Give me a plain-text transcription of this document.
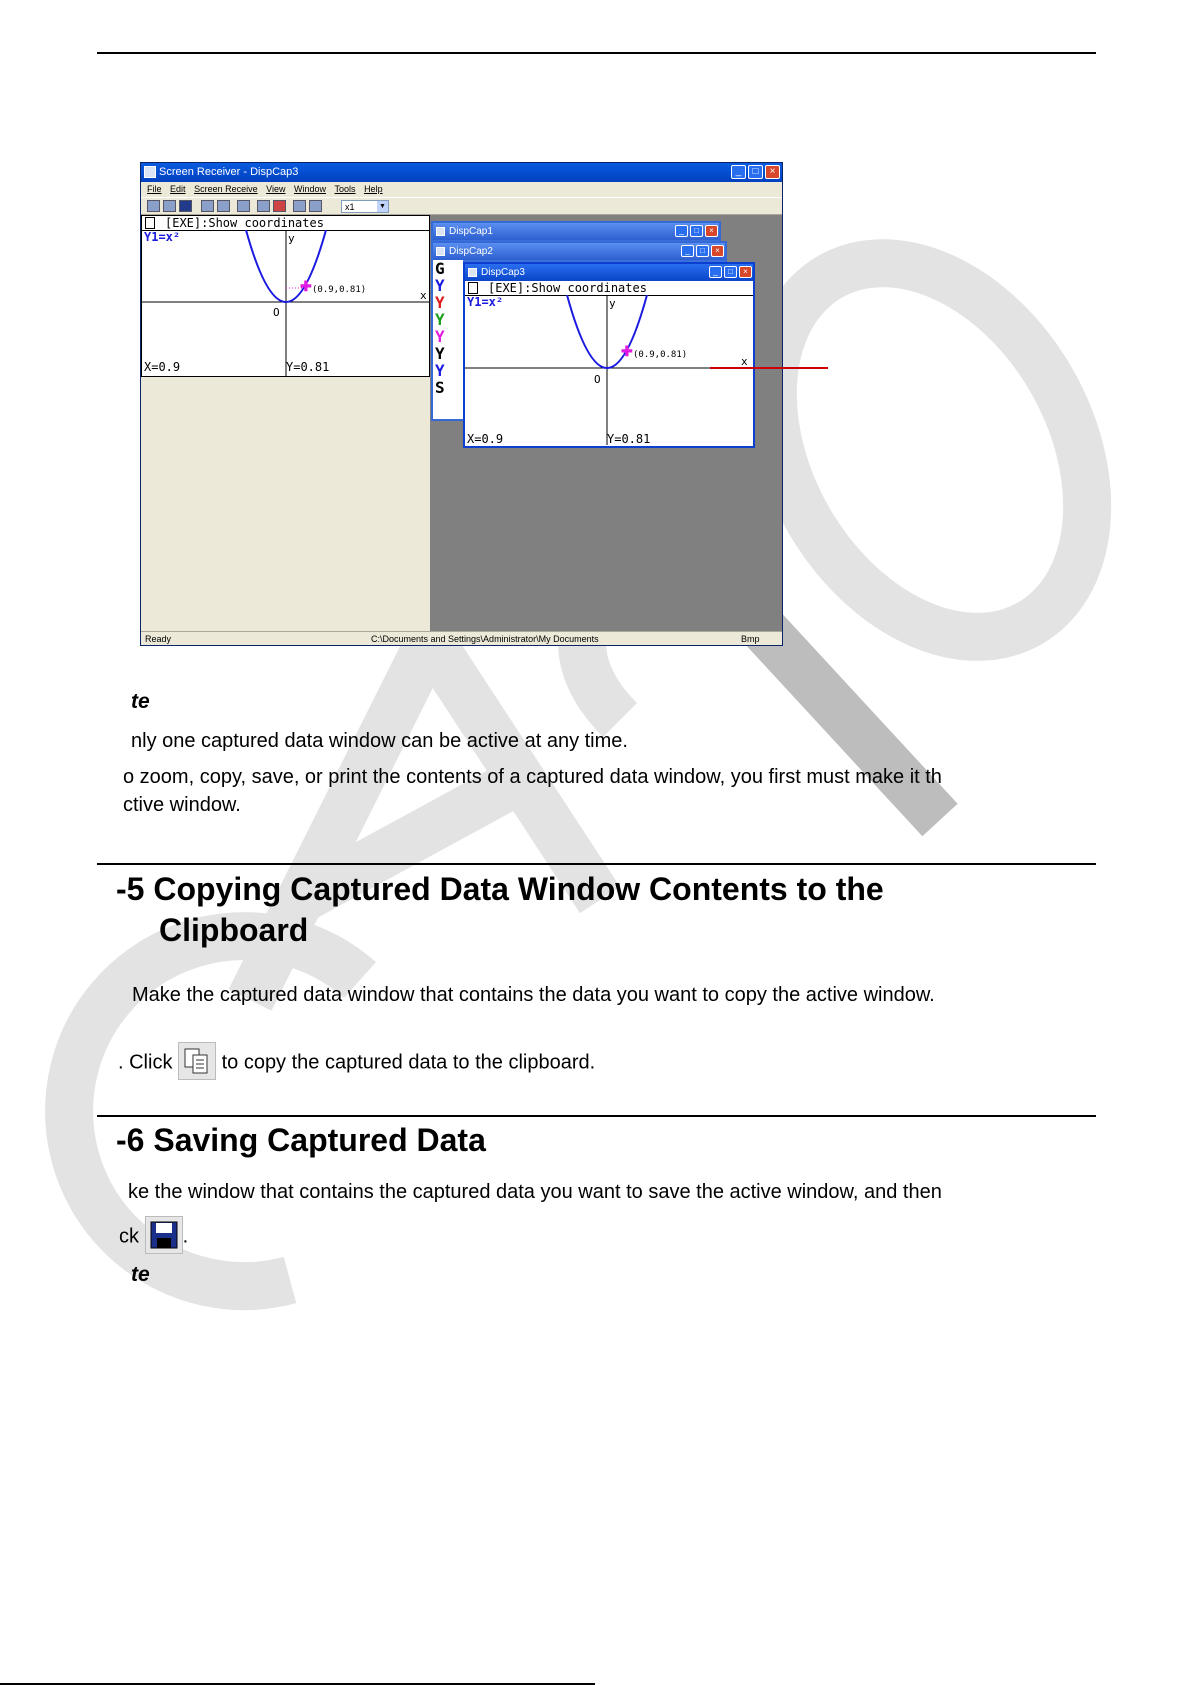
Screen Receiver - DispCap3	_	□	×
File Edit Screen Receive View Window Tools Help
x1	▼
[EXE]:Show coordinates
y
x
O
Y1=x²
✚ (0.9,0.81)
X=0.9	Y=0.81
DispCap1	_	□	×
DispCap2	_	□	×
G
Y
Y
Y
Y
Y
Y
S
DispCap3	_	□	×
[EXE]:Show coordinates
y
x
O
Y1=x²
✚ (0.9,0.81)
X=0.9	Y=0.81
Ready	C:\Documents and Settings\Administrator\My Documents	Bmp
te
nly one captured data window can be active at any time.
o zoom, copy, save, or print the contents of a captured data window, you first must make it th
ctive window.
-5 Copying Captured Data Window Contents to the
Clipboard
Make the captured data window that contains the data you want to copy the active window.
. Click to copy the captured data to the clipboard.
-6 Saving Captured Data
ke the window that contains the captured data you want to save the active window, and then
ck .
te
